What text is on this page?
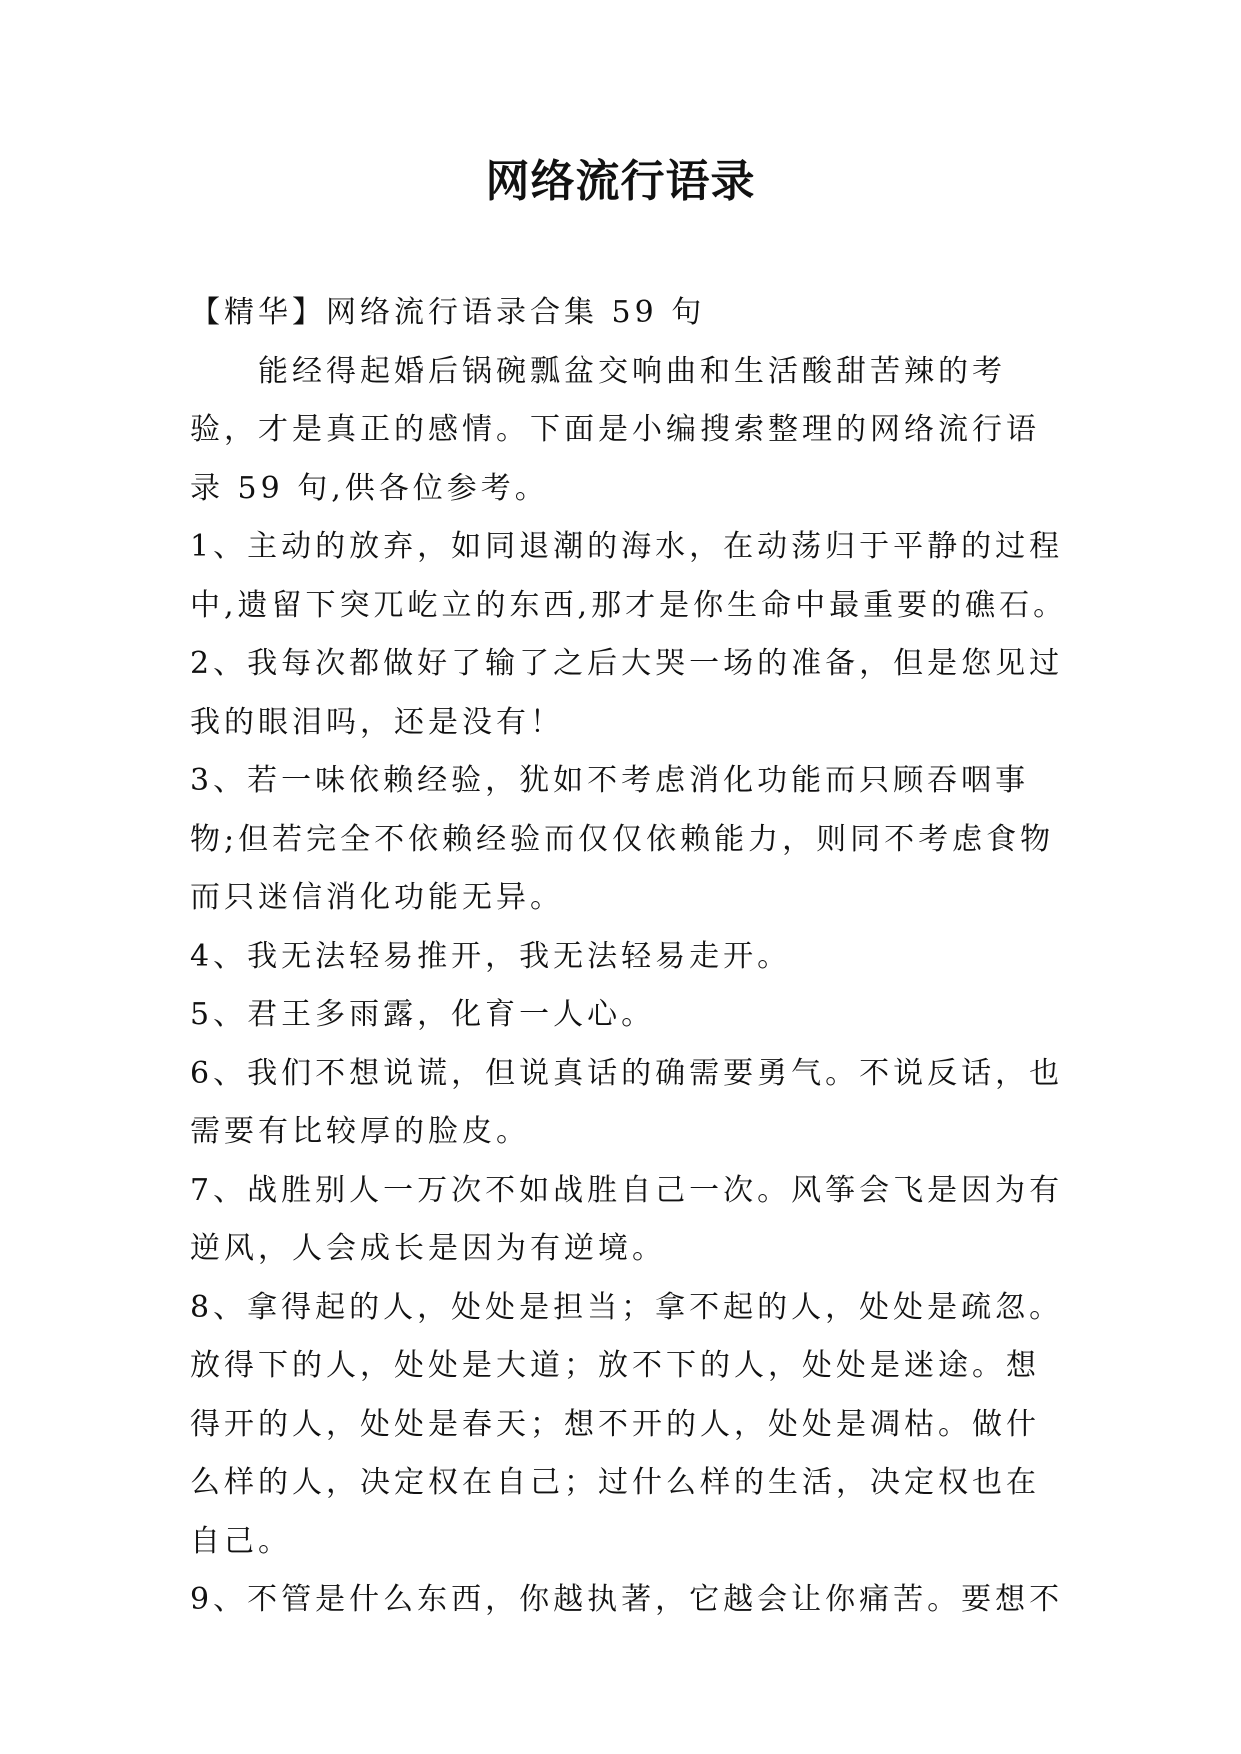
网络流行语录

【精华】网络流行语录合集 59 句

能经得起婚后锅碗瓢盆交响曲和生活酸甜苦辣的考验，才是真正的感情。下面是小编搜索整理的网络流行语录 59 句,供各位参考。

1、主动的放弃，如同退潮的海水，在动荡归于平静的过程中,遗留下突兀屹立的东西,那才是你生命中最重要的礁石。

2、我每次都做好了输了之后大哭一场的准备，但是您见过我的眼泪吗，还是没有！

3、若一味依赖经验，犹如不考虑消化功能而只顾吞咽事物;但若完全不依赖经验而仅仅依赖能力，则同不考虑食物而只迷信消化功能无异。

4、我无法轻易推开，我无法轻易走开。

5、君王多雨露，化育一人心。

6、我们不想说谎，但说真话的确需要勇气。不说反话，也需要有比较厚的脸皮。

7、战胜别人一万次不如战胜自己一次。风筝会飞是因为有逆风，人会成长是因为有逆境。

8、拿得起的人，处处是担当；拿不起的人，处处是疏忽。放得下的人，处处是大道；放不下的人，处处是迷途。想得开的人，处处是春天；想不开的人，处处是凋枯。做什么样的人，决定权在自己；过什么样的生活，决定权也在自己。

9、不管是什么东西，你越执著，它越会让你痛苦。要想不
